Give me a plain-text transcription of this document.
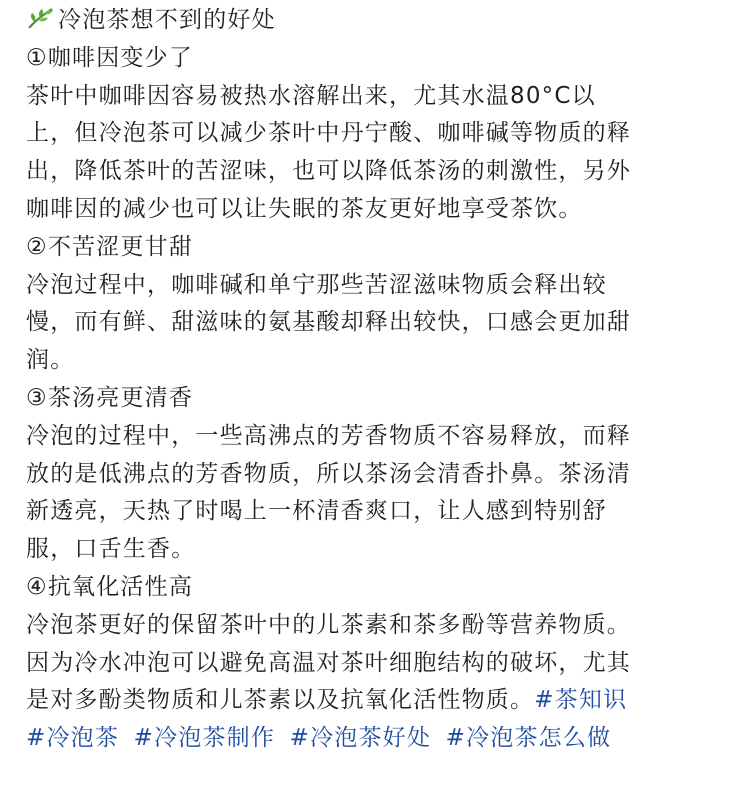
冷泡茶想不到的好处
①咖啡因变少了
茶叶中咖啡因容易被热水溶解出来，尤其水温80°C以
上，但冷泡茶可以减少茶叶中丹宁酸、咖啡碱等物质的释
出，降低茶叶的苦涩味，也可以降低茶汤的刺激性，另外
咖啡因的减少也可以让失眠的茶友更好地享受茶饮。
②不苦涩更甘甜
冷泡过程中，咖啡碱和单宁那些苦涩滋味物质会释出较
慢，而有鲜、甜滋味的氨基酸却释出较快，口感会更加甜
润。
③茶汤亮更清香
冷泡的过程中，一些高沸点的芳香物质不容易释放，而释
放的是低沸点的芳香物质，所以茶汤会清香扑鼻。茶汤清
新透亮，天热了时喝上一杯清香爽口，让人感到特别舒
服，口舌生香。
④抗氧化活性高
冷泡茶更好的保留茶叶中的儿茶素和茶多酚等营养物质。
因为冷水冲泡可以避免高温对茶叶细胞结构的破坏，尤其
是对多酚类物质和儿茶素以及抗氧化活性物质。#茶知识
#冷泡茶 #冷泡茶制作 #冷泡茶好处 #冷泡茶怎么做
